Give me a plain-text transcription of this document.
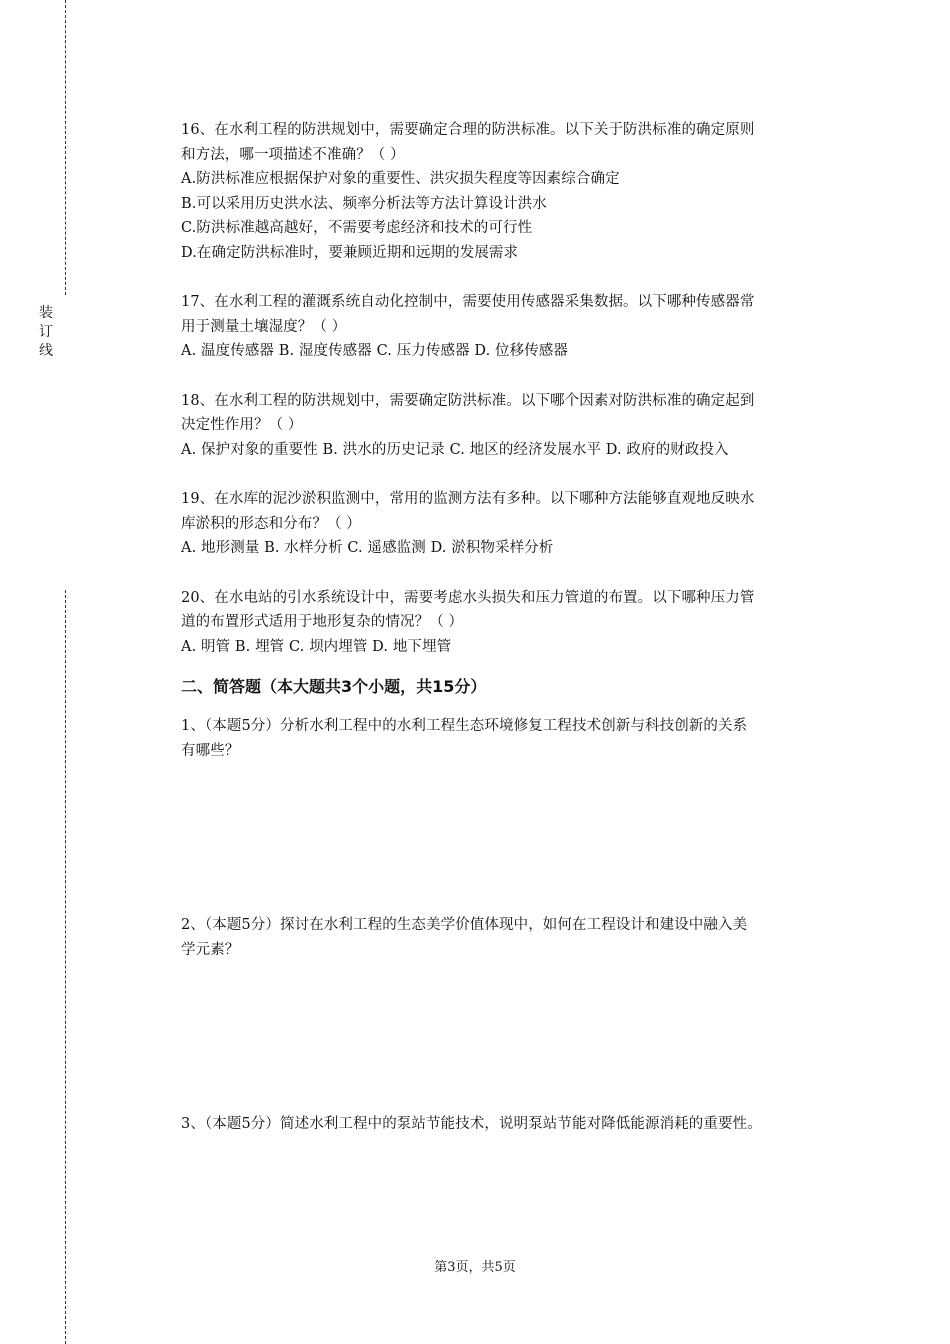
装
订
线

16、在水利工程的防洪规划中，需要确定合理的防洪标准。以下关于防洪标准的确定原则

和方法，哪一项描述不准确？（ ）

A.防洪标准应根据保护对象的重要性、洪灾损失程度等因素综合确定

B.可以采用历史洪水法、频率分析法等方法计算设计洪水

C.防洪标准越高越好，不需要考虑经济和技术的可行性

D.在确定防洪标准时，要兼顾近期和远期的发展需求

17、在水利工程的灌溉系统自动化控制中，需要使用传感器采集数据。以下哪种传感器常

用于测量土壤湿度？（ ）

A. 温度传感器 B. 湿度传感器 C. 压力传感器 D. 位移传感器

18、在水利工程的防洪规划中，需要确定防洪标准。以下哪个因素对防洪标准的确定起到

决定性作用？（ ）

A. 保护对象的重要性 B. 洪水的历史记录 C. 地区的经济发展水平 D. 政府的财政投入

19、在水库的泥沙淤积监测中，常用的监测方法有多种。以下哪种方法能够直观地反映水

库淤积的形态和分布？（ ）

A. 地形测量 B. 水样分析 C. 遥感监测 D. 淤积物采样分析

20、在水电站的引水系统设计中，需要考虑水头损失和压力管道的布置。以下哪种压力管

道的布置形式适用于地形复杂的情况？（ ）

A. 明管 B. 埋管 C. 坝内埋管 D. 地下埋管

二、简答题（本大题共3个小题，共15分）

1、（本题5分）分析水利工程中的水利工程生态环境修复工程技术创新与科技创新的关系

有哪些？

2、（本题5分）探讨在水利工程的生态美学价值体现中，如何在工程设计和建设中融入美

学元素？

3、（本题5分）简述水利工程中的泵站节能技术，说明泵站节能对降低能源消耗的重要性。

第3页，共5页
